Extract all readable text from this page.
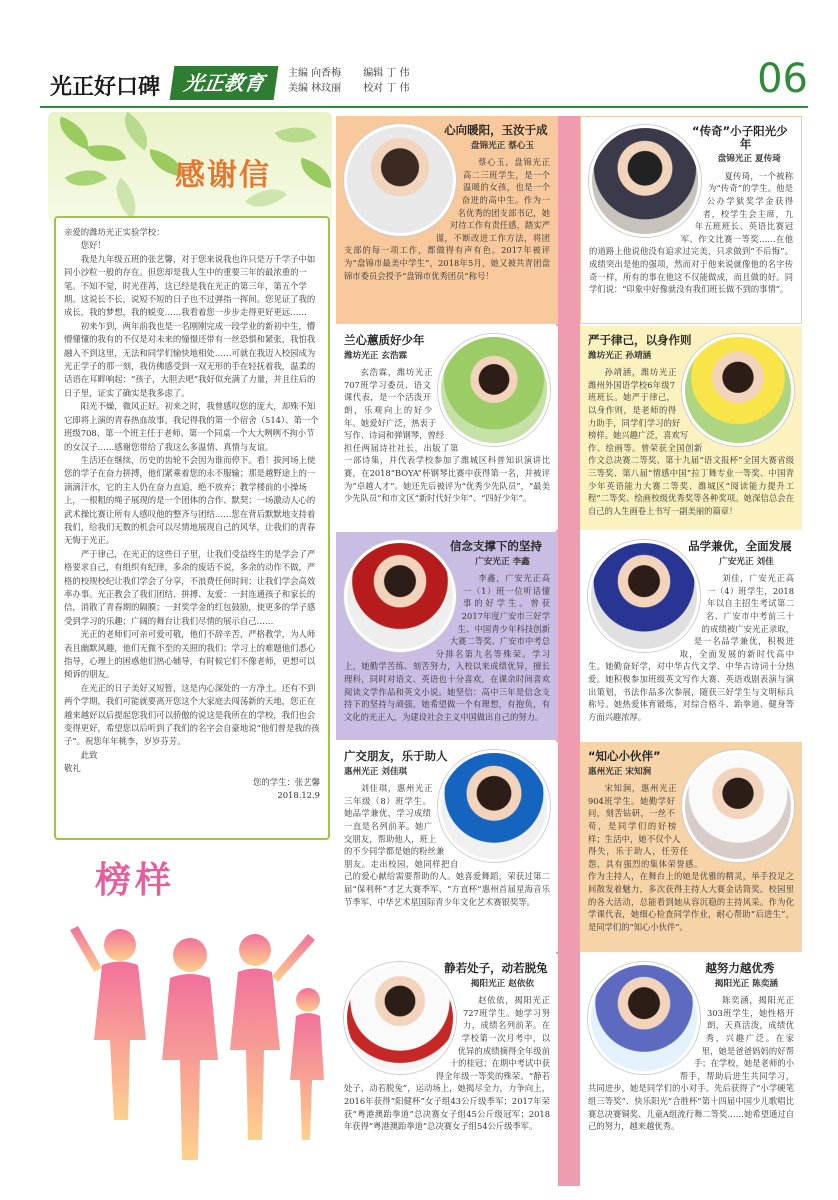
光正好口碑	光正教育	主编 向香梅 编辑 丁 伟
美编 林玟丽 校对 丁 伟	06
感谢信

亲爱的潍坊光正实验学校：

您好！

我是九年级五班的张艺馨，对于您来说我也许只是万千学子中如同小沙粒一般的存在。但您却是我人生中的重要三年的最浓重的一笔。不知不觉，时光荏苒，这已经是我在光正的第三年，第五个学期。这说长不长，说短不短的日子也不过弹指一挥间。您见证了我的成长，我的梦想，我的蜕变……我看着您一步步走得更好更远……

初来乍到，两年前我也是一名刚刚完成一段学业的新初中生，懵懵懂懂的我有的不仅是对未来的憧憬还带有一丝恐惧和紧张，我怕我融入不到这里，无法和同学们愉快地相处……可就在我迈入校园成为光正学子的那一刻，我仿佛感受到一双无形的手在轻抚着我，温柔的话语在耳畔响起：“孩子，大胆去吧”我好似充满了力量，并且往后的日子里，证实了确实是我多虑了。

阳光不燥，微风正好。初来之时，我曾感叹您的庞大，却殊不知它即将上演的青春热血故事。我记得我的第一个宿舍（514）、第一个班级708、第一个班主任于老师、第一个同桌一个大大咧咧不拘小节的女汉子……感谢您带给了我这么多温情、真情与友谊。

生活还在继续，历史的齿轮不会因为谁而停下。看！拔河场上使您的学子在奋力拼搏，他们紧乘着您的永不服输；那是越野途上的一滴滴汗水，它的主人仍在奋力直追，绝不放弃；教学楼前的小操场上，一根粗的绳子展现的是一个团体的合作、默契；一场激动人心的武术操比赛让所有人感叹他的整齐与团结……您在背后默默地支持着我们，给我们无数的机会可以尽情地展现自己的风华，让我们的青春无悔于光正。

严于律己，在光正的这些日子里，让我们受益终生的是学会了严格要求自己，有组织有纪律，多余的废话不说，多余的动作不做，严格的校规校纪让我们学会了分享，不浪费任何时间；让我们学会高效率办事。光正教会了我们团结、拼搏、友爱：一封连通孩子和家长的信，消散了青春期的隔膜；一封奖学金的红包鼓励，使更多的学子感受到学习的乐趣；广阔的舞台让我们尽情的展示自己……

光正的老师们可亲可爱可敬，他们不辞辛苦，严格教学，为人师表且幽默风趣，他们无微不至的关照的我们；学习上的难题他们悉心指导，心理上的困惑他们热心辅导，有时候它们不像老师，更想可以倾诉的朋友。

在光正的日子美好又短暂，这是内心深处的一方净土。还有不到两个学期，我们可能就要离开您这个大家庭去闯荡新的天地，您正在越来越好以后提起您我们可以骄傲的说这是我所在的学校，我们也会变得更好，希望您以后听到了我们的名字会自豪地说“他们曾是我的孩子”。祝您年年桃李，岁岁芬芳。

此致

敬礼

您的学生：张艺馨

2018.12.9

榜样
心向暖阳，玉汝于成
盘锦光正 蔡心玉
蔡心玉，盘锦光正高二三班学生，是一个温暖的女孩，也是一个奋进的高中生。作为一名优秀的团支部书记，她对待工作有责任感，踏实严谨，不断改进工作方法，将团支部的每一项工作，都做得有声有色。2017年被评为“盘锦市最美中学生”，2018年5月，她又被共青团盘锦市委员会授予“盘锦市优秀团员”称号！
“传奇”小子阳光少年
盘锦光正 夏传琦
夏传琦，一个被称为“传奇”的学生。他是公办学狱奖学金获得者，校学生会主席，九年五班班长、英语比赛冠军、作文比赛一等奖……在他的道路上他说他没有追求过完美，只求做到“不后悔”。成绩突出是他的强项，然而对于他来说就像他的名字传奇一样，所有的事在他这不仅能做成，而且做的好。同学们说：“印象中好像就没有我们班长做不到的事情”。
兰心蕙质好少年
潍坊光正 玄浩霖
玄浩霖，潍坊光正707班学习委员、语文课代表，是一个活泼开朗，乐观向上的好少年。她爱好广泛，热衷于写作、诗词和弹钢琴，曾经担任两届诗社社长，出版了第一部诗集，并代表学校参加了潍城区科普知识演讲比赛，在2018“BOYA”杯钢琴比赛中获得第一名，并被评为“卓越人才”。她还先后被评为“优秀少先队员”，“最美少先队员”和市文区“新时代好少年”、“四好少年”。
严于律己，以身作则
潍坊光正 孙靖涵
孙靖涵，潍坊光正潍州外国语学校6年级7班班长。她严于律己，以身作则，是老师的得力助手，同学们学习的好榜样。她兴趣广泛，喜欢写作、绘画等。曾荣获全国创新作文总决赛二等奖、第十九届“语文报杯”全国大赛省级三等奖、第八届“情感中国”拉丁舞专业一等奖、中国青少年英语能力大赛二等奖、潍城区“阅读能力提升工程”二等奖、绘画校级优秀奖等各种奖项。她深信总会在自己的人生画卷上书写一副美丽的篇章！
信念支撑下的坚持
广安光正 李鑫
李鑫，广安光正高一（1）班一位听话懂事的好学生。曾获2017年度广安市三好学生、中国青少年科技创新大赛二等奖、广安市中考总分排名第九名等殊荣。学习上，她勤学苦练、刻苦努力，入校以来成绩优异，擅长理科，同时对语文、英语也十分喜欢，在课余时间喜欢阅读文学作品和英文小说。她坚信：高中三年是信念支持下的坚持与顽强，她希望做一个有理想，有抱负，有文化的光正人，为建设社会主义中国做出自己的努力。
品学兼优，全面发展
广安光正 刘佳
刘佳，广安光正高一（4）班学生，2018年以自主招生考试第二名、广安市中考前三十的成绩被广安光正录取，是一名品学兼优，积极进取，全面发展的新时代高中生。她勤奋好学，对中华古代文学、中华古诗词十分热爱。她积极参加班级英文写作大赛、英语戏剧表演与演出策划，书法作品多次参展，随获三好学生与文明标兵称号。她热爱体育锻炼，对综合格斗、跆拳道、健身等方面兴趣浓厚。
广交朋友，乐于助人
惠州光正 刘佳琪
刘佳琪，惠州光正三年级（8）班学生。她品学兼优，学习成绩一直是名列前茅。她广交朋友，帮助他人，班上的不少同学都是她的粉丝兼朋友。走出校园，她同样把自己的爱心献给需要帮助的人。她喜爱舞蹈，荣获过第二届“保利杯”才艺大赛季军、“方直杯”惠州首届星海音乐节季军、中华艺术星国际青少年文化艺术赛银奖等。
“知心小伙伴”
惠州光正 宋知涧
宋知涧，惠州光正904班学生。她勤学好问，刻苦钻研，一丝不苟，是同学们的好榜样；生活中，她不仅个人得失，乐于助人，任劳任怨，具有强烈的集体荣誉感。作为主持人，在舞台上的她是优雅的精灵，举手投足之间散发着魅力，多次获得主持人大赛金话筒奖。校园里的各大活动，总能看到她从容沉稳的主持风采。作为化学课代表，她细心检查同学作业，耐心帮助“后进生”，是同学们的“知心小伙伴”。
静若处子，动若脱兔
揭阳光正 赵依依
赵依依，揭阳光正727班学生。她学习努力，成绩名列前茅。在学校第一次月考中，以优异的成绩摘得全年级前十的桂冠；在期中考试中获得全年级一等奖的殊荣。“静若处子，动若脱兔”，运动场上，她揭尽全力，力争向上，2016年获得“阳健杯”女子组43公斤级季军；2017年荣获“粤港澳跆拳道”总决赛女子组45公斤级冠军；2018年获得“粤港澳跆拳道”总决赛女子组54公斤级季军。
越努力越优秀
揭阳光正 陈奕涵
陈奕涵，揭阳光正303班学生，她性格开朗，天真活泼，成绩优秀，兴趣广泛。在家里，她是爸爸妈妈的好帮手；在学校，她是老师的小帮手，帮助后进生共同学习，共同进步，她是同学们的小对手。先后获得了“小学硬笔组三等奖”、快乐阳光“合胜杯”第十四届中国少儿歌唱比赛总决赛铜奖、儿童A组流行舞二等奖……她希望通过自己的努力，越来越优秀。
